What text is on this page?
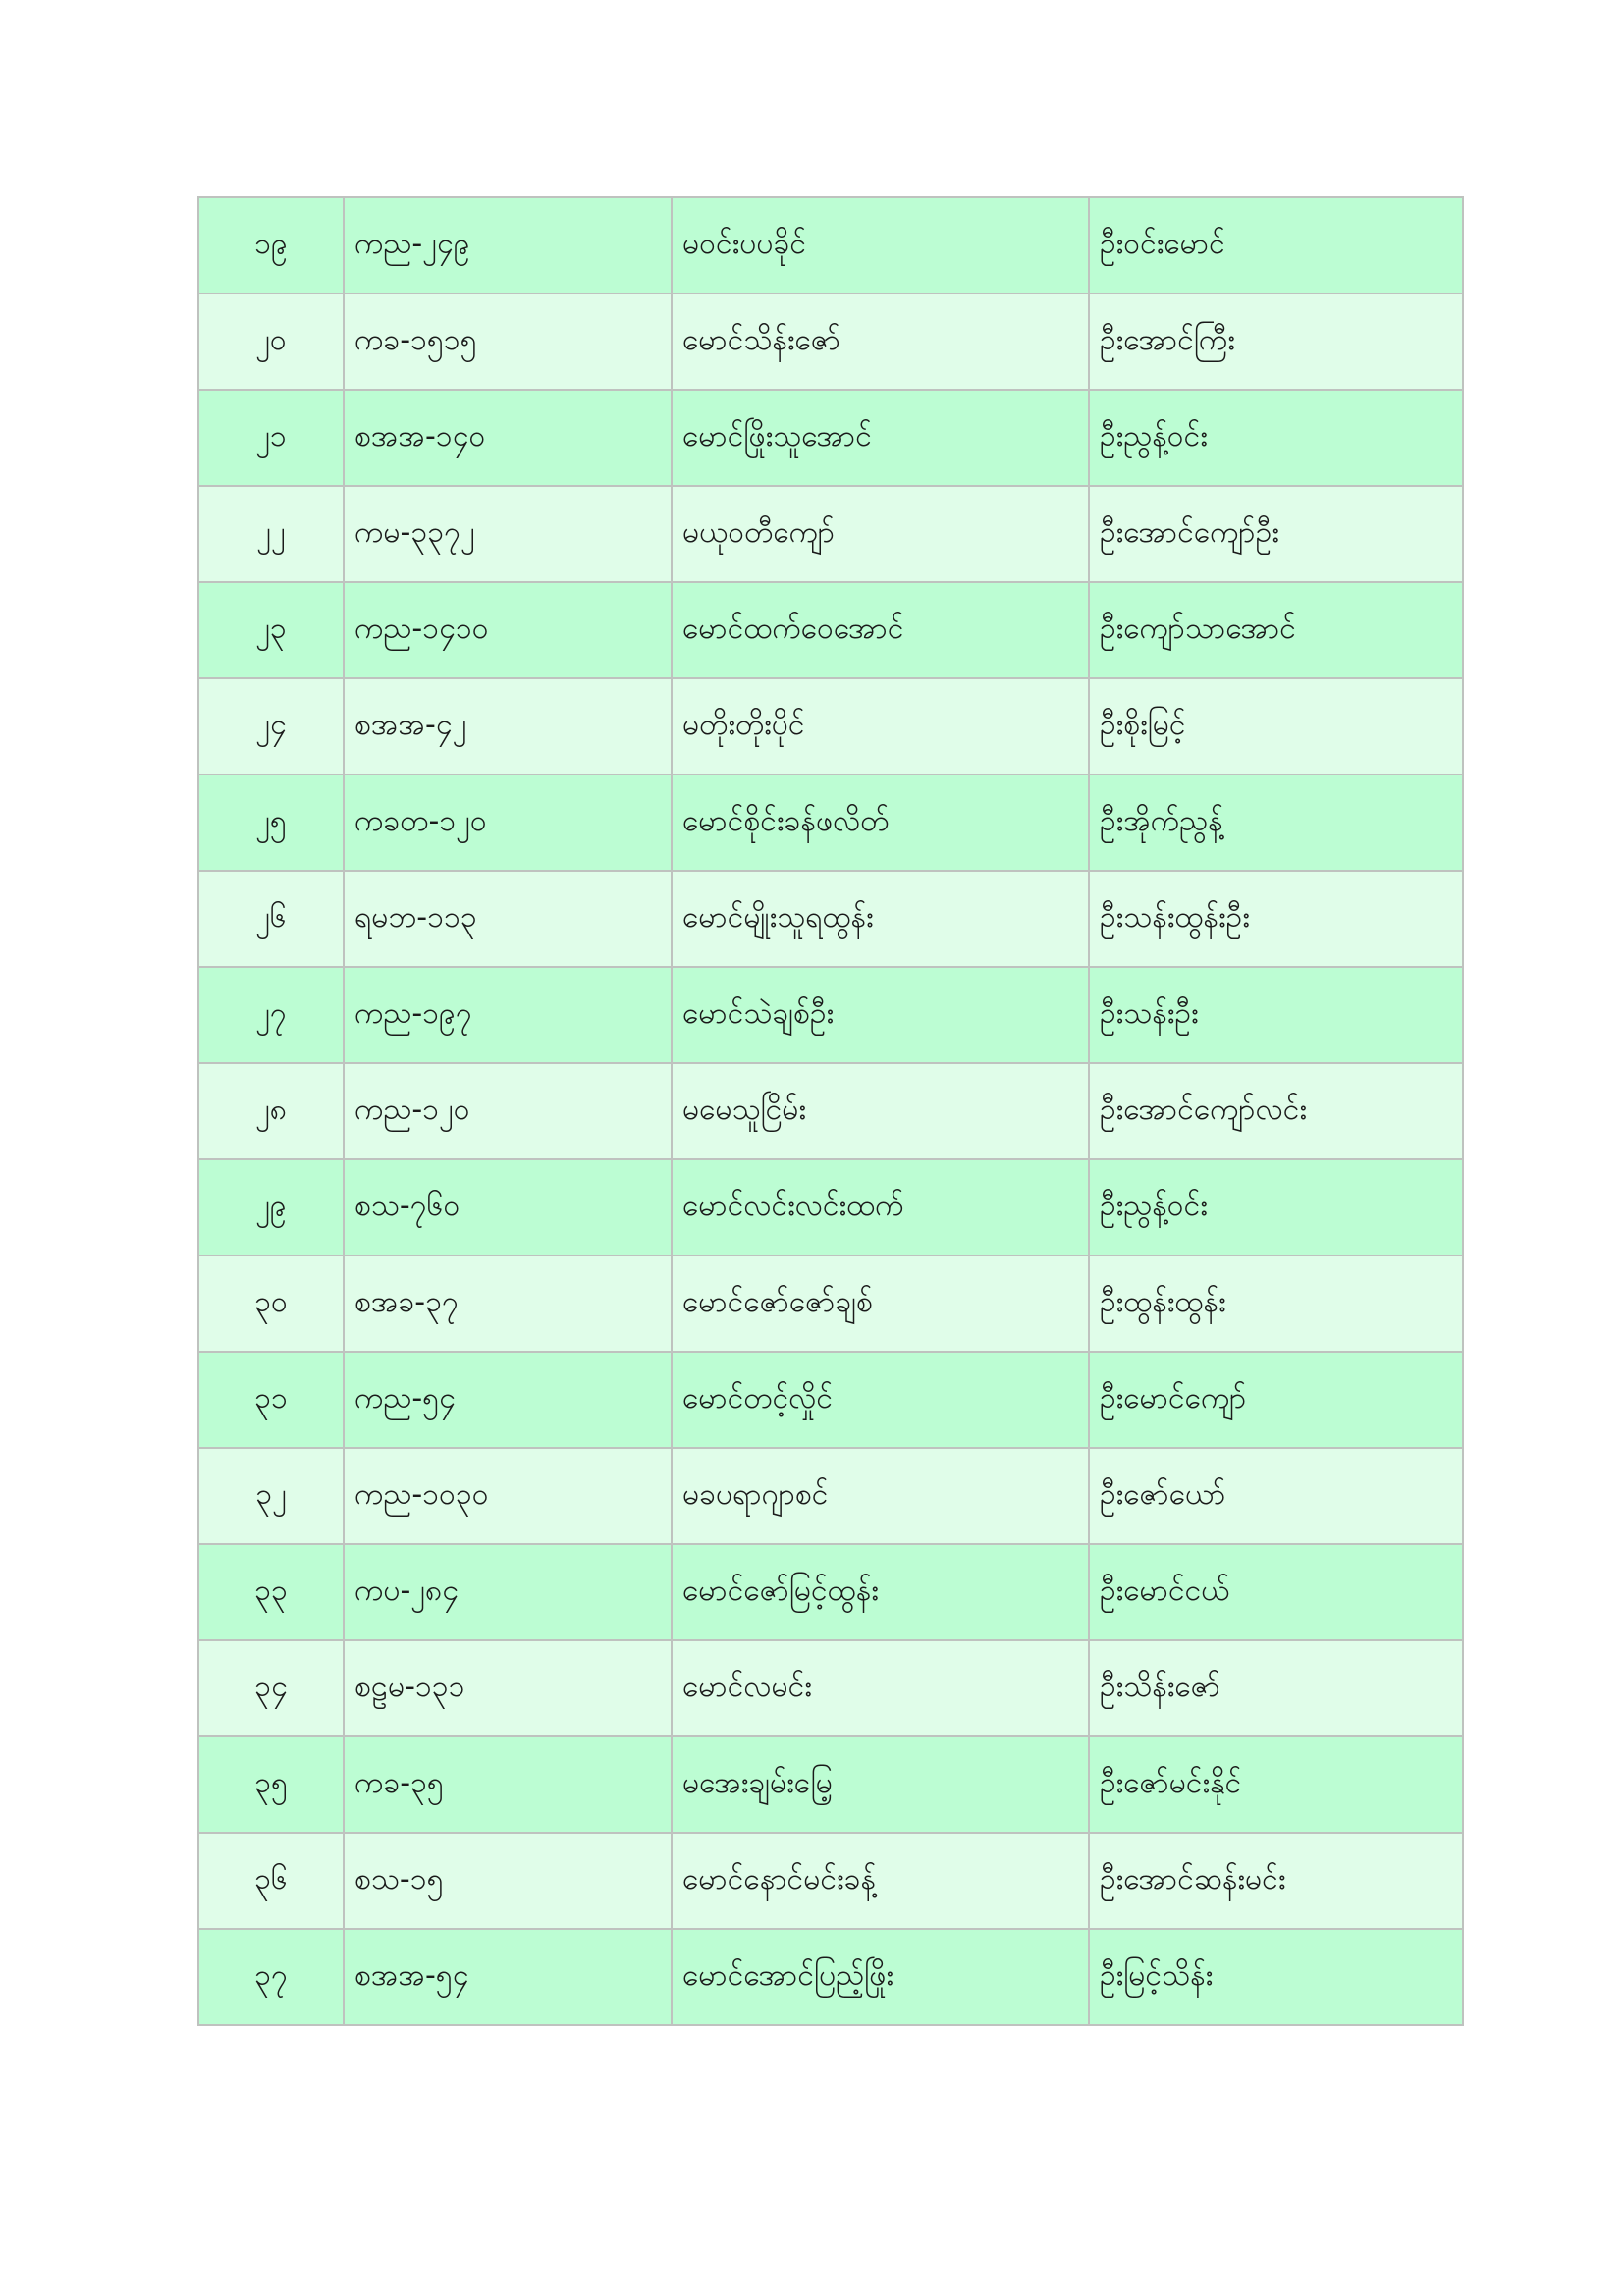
၁၉	ကည-၂၄၉	မဝင်းပပခိုင်	ဦးဝင်းမောင်
၂၀	ကခ-၁၅၁၅	မောင်သိန်းဇော်	ဦးအောင်ကြီး
၂၁	စအအ-၁၄၀	မောင်ဖြိုးသူအောင်	ဦးညွန့်ဝင်း
၂၂	ကမ-၃၃၇၂	မယုဝတီကျော်	ဦးအောင်ကျော်ဦး
၂၃	ကည-၁၄၁၀	မောင်ထက်ဝေအောင်	ဦးကျော်သာအောင်
၂၄	စအအ-၄၂	မတိုးတိုးပိုင်	ဦးစိုးမြင့်
၂၅	ကခတ-၁၂၀	မောင်စိုင်းခန်ဖလိတ်	ဦးအိုက်ညွန့်
၂၆	ရမဘ-၁၁၃	မောင်မျိုးသူရထွန်း	ဦးသန်းထွန်းဦး
၂၇	ကည-၁၉၇	မောင်သဲချစ်ဦး	ဦးသန်းဦး
၂၈	ကည-၁၂၀	မမေသူငြိမ်း	ဦးအောင်ကျော်လင်း
၂၉	စသ-၇၆၀	မောင်လင်းလင်းထက်	ဦးညွန့်ဝင်း
၃၀	စအခ-၃၇	မောင်ဇော်ဇော်ချစ်	ဦးထွန်းထွန်း
၃၁	ကည-၅၄	မောင်တင့်လှိုင်	ဦးမောင်ကျော်
၃၂	ကည-၁၀၃၀	မခပရာဂျာစင်	ဦးဇော်ယော်
၃၃	ကပ-၂၈၄	မောင်ဇော်မြင့်ထွန်း	ဦးမောင်ငယ်
၃၄	စဠမ-၁၃၁	မောင်လမင်း	ဦးသိန်းဇော်
၃၅	ကခ-၃၅	မအေးချမ်းမြေ့	ဦးဇော်မင်းနိုင်
၃၆	စသ-၁၅	မောင်နောင်မင်းခန့်	ဦးအောင်ဆန်းမင်း
၃၇	စအအ-၅၄	မောင်အောင်ပြည့်ဖြိုး	ဦးမြင့်သိန်း
